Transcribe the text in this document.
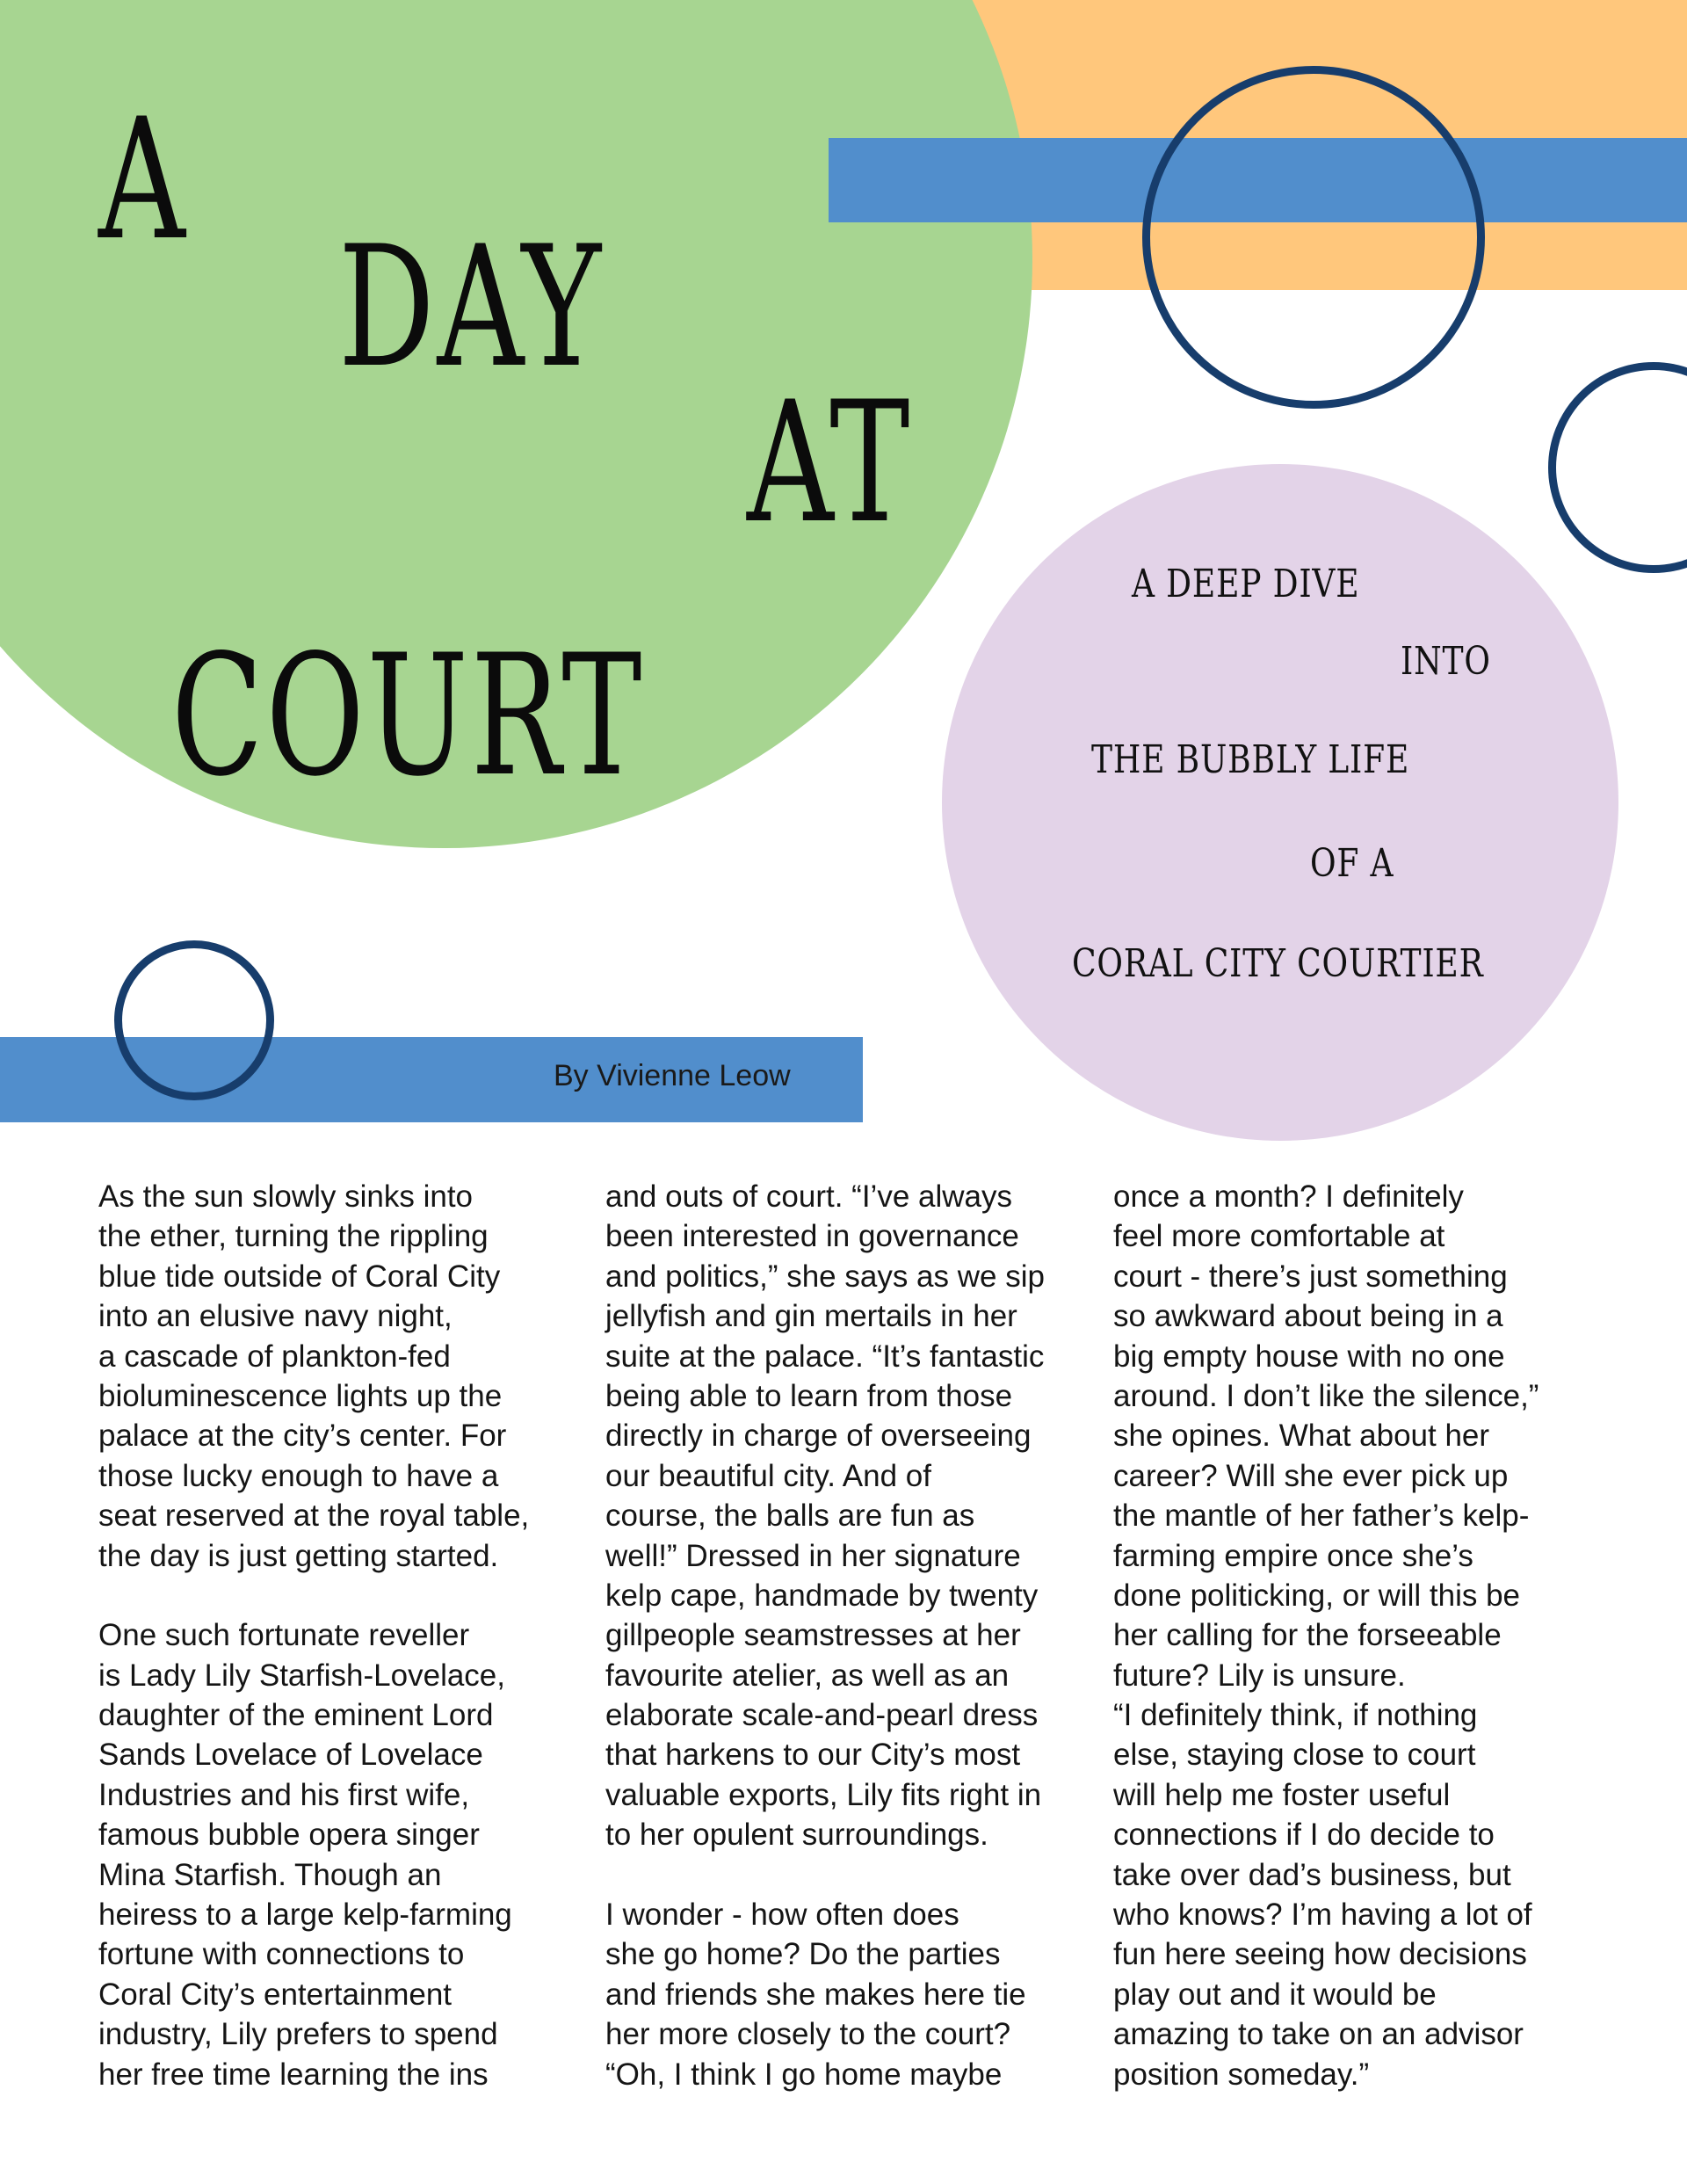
A
DAY
AT
COURT
A DEEP DIVE
INTO
THE BUBBLY LIFE
OF A
CORAL CITY COURTIER
By Vivienne Leow
As the sun slowly sinks into
the ether, turning the rippling
blue tide outside of Coral City
into an elusive navy night,
a cascade of plankton-fed
bioluminescence lights up the
palace at the city’s center. For
those lucky enough to have a
seat reserved at the royal table,
the day is just getting started.
One such fortunate reveller
is Lady Lily Starfish-Lovelace,
daughter of the eminent Lord
Sands Lovelace of Lovelace
Industries and his first wife,
famous bubble opera singer
Mina Starfish. Though an
heiress to a large kelp-farming
fortune with connections to
Coral City’s entertainment
industry, Lily prefers to spend
her free time learning the ins
and outs of court. “I’ve always
been interested in governance
and politics,” she says as we sip
jellyfish and gin mertails in her
suite at the palace. “It’s fantastic
being able to learn from those
directly in charge of overseeing
our beautiful city. And of
course, the balls are fun as
well!” Dressed in her signature
kelp cape, handmade by twenty
gillpeople seamstresses at her
favourite atelier, as well as an
elaborate scale-and-pearl dress
that harkens to our City’s most
valuable exports, Lily fits right in
to her opulent surroundings.
I wonder - how often does
she go home? Do the parties
and friends she makes here tie
her more closely to the court?
“Oh, I think I go home maybe
once a month? I definitely
feel more comfortable at
court - there’s just something
so awkward about being in a
big empty house with no one
around. I don’t like the silence,”
she opines. What about her
career? Will she ever pick up
the mantle of her father’s kelp-
farming empire once she’s
done politicking, or will this be
her calling for the forseeable
future? Lily is unsure.
“I definitely think, if nothing
else, staying close to court
will help me foster useful
connections if I do decide to
take over dad’s business, but
who knows? I’m having a lot of
fun here seeing how decisions
play out and it would be
amazing to take on an advisor
position someday.”
